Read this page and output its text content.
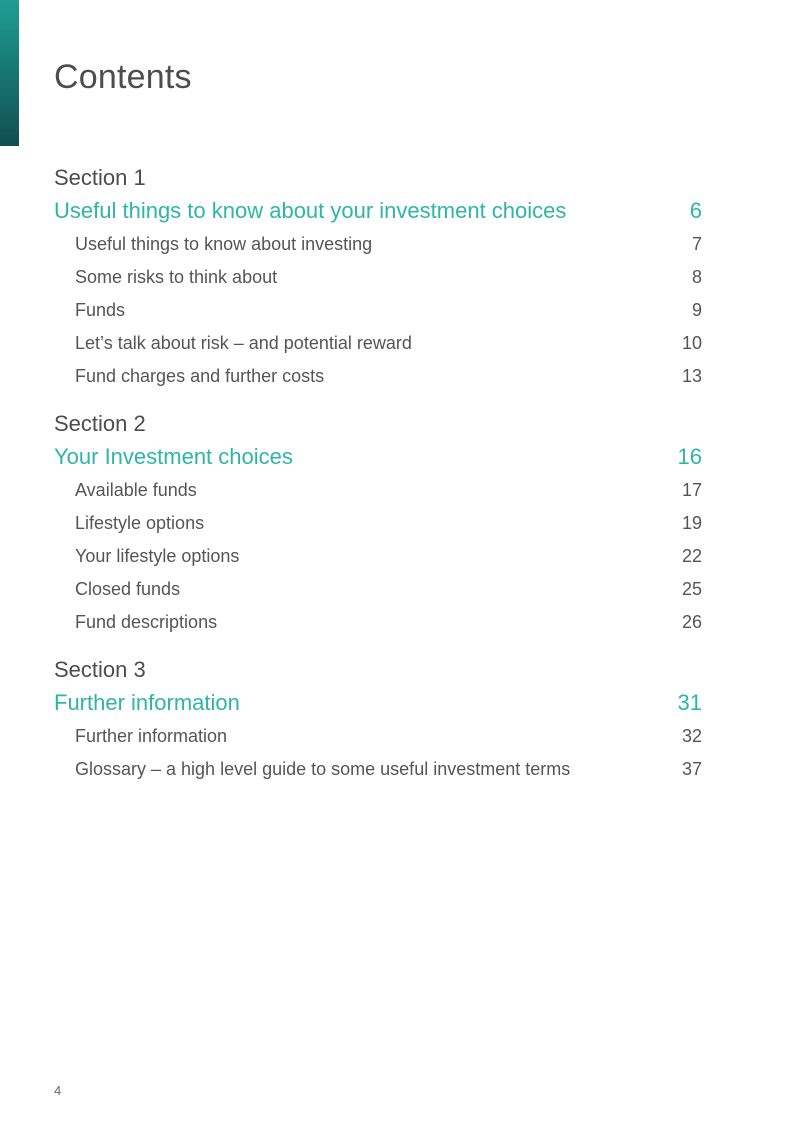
Contents
Section 1
Useful things to know about your investment choices	6
Useful things to know about investing	7
Some risks to think about	8
Funds	9
Let’s talk about risk – and potential reward	10
Fund charges and further costs	13
Section 2
Your Investment choices	16
Available funds	17
Lifestyle options	19
Your lifestyle options	22
Closed funds	25
Fund descriptions	26
Section 3
Further information	31
Further information	32
Glossary – a high level guide to some useful investment terms	37
4
